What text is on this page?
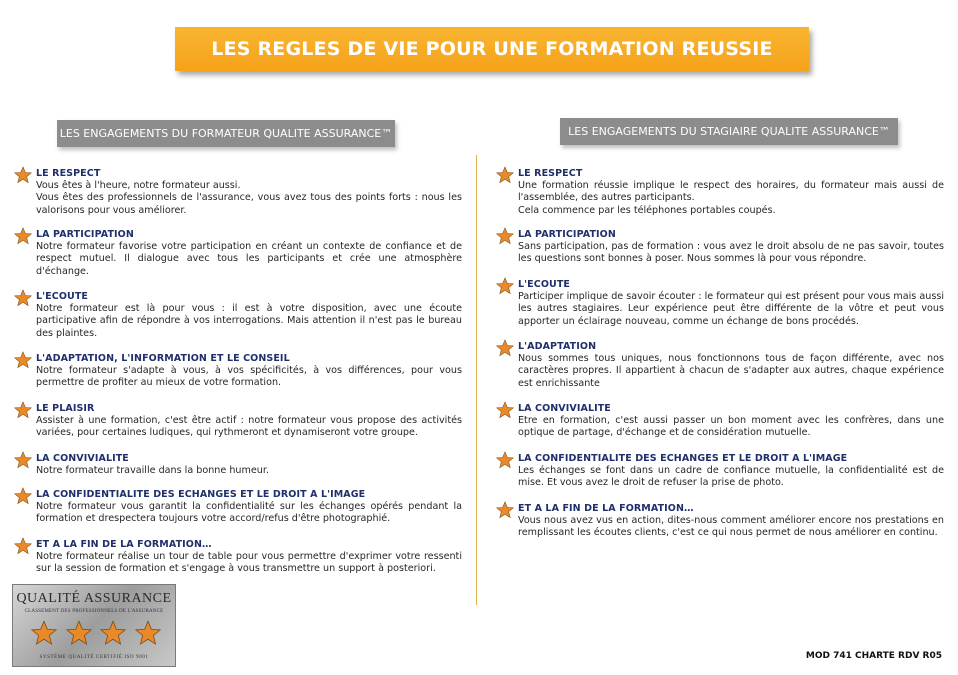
LES REGLES DE VIE POUR UNE FORMATION REUSSIE
LES ENGAGEMENTS DU FORMATEUR QUALITE ASSURANCE™	LES ENGAGEMENTS DU STAGIAIRE QUALITE ASSURANCE™
LE RESPECT

Vous êtes à l'heure, notre formateur aussi.

Vous êtes des professionnels de l'assurance, vous avez tous des points forts : nous les valorisons pour vous améliorer.

LA PARTICIPATION

Notre formateur favorise votre participation en créant un contexte de confiance et de respect mutuel. Il dialogue avec tous les participants et crée une atmosphère d'échange.

L'ECOUTE

Notre formateur est là pour vous : il est à votre disposition, avec une écoute participative afin de répondre à vos interrogations. Mais attention il n'est pas le bureau des plaintes.

L'ADAPTATION, L'INFORMATION ET LE CONSEIL

Notre formateur s'adapte à vous, à vos spécificités, à vos différences, pour vous permettre de profiter au mieux de votre formation.

LE PLAISIR

Assister à une formation, c'est être actif : notre formateur vous propose des activités variées, pour certaines ludiques, qui rythmeront et dynamiseront votre groupe.

LA CONVIVIALITE

Notre formateur travaille dans la bonne humeur.

LA CONFIDENTIALITE DES ECHANGES ET LE DROIT A L'IMAGE

Notre formateur vous garantit la confidentialité sur les échanges opérés pendant la formation et drespectera toujours votre accord/refus d'être photographié.

ET A LA FIN DE LA FORMATION…

Notre formateur réalise un tour de table pour vous permettre d'exprimer votre ressenti sur la session de formation et s'engage à vous transmettre un support à posteriori.

LE RESPECT

Une formation réussie implique le respect des horaires, du formateur mais aussi de l'assemblée, des autres participants.

Cela commence par les téléphones portables coupés.

LA PARTICIPATION

Sans participation, pas de formation : vous avez le droit absolu de ne pas savoir, toutes les questions sont bonnes à poser. Nous sommes là pour vous répondre.

L'ECOUTE

Participer implique de savoir écouter : le formateur qui est présent pour vous mais aussi les autres stagiaires. Leur expérience peut être différente de la vôtre et peut vous apporter un éclairage nouveau, comme un échange de bons procédés.

L'ADAPTATION

Nous sommes tous uniques, nous fonctionnons tous de façon différente, avec nos caractères propres. Il appartient à chacun de s'adapter aux autres, chaque expérience est enrichissante

LA CONVIVIALITE

Etre en formation, c'est aussi passer un bon moment avec les confrères, dans une optique de partage, d'échange et de considération mutuelle.

LA CONFIDENTIALITE DES ECHANGES ET LE DROIT A L'IMAGE

Les échanges se font dans un cadre de confiance mutuelle, la confidentialité est de mise. Et vous avez le droit de refuser la prise de photo.

ET A LA FIN DE LA FORMATION…

Vous nous avez vus en action, dites-nous comment améliorer encore nos prestations en remplissant les écoutes clients, c'est ce qui nous permet de nous améliorer en continu.

QUALITÉ ASSURANCE
CLASSEMENT DES PROFESSIONNELS DE L'ASSURANCE
SYSTÈME QUALITÉ CERTIFIÉ ISO 9001	MOD 741 CHARTE RDV R05
